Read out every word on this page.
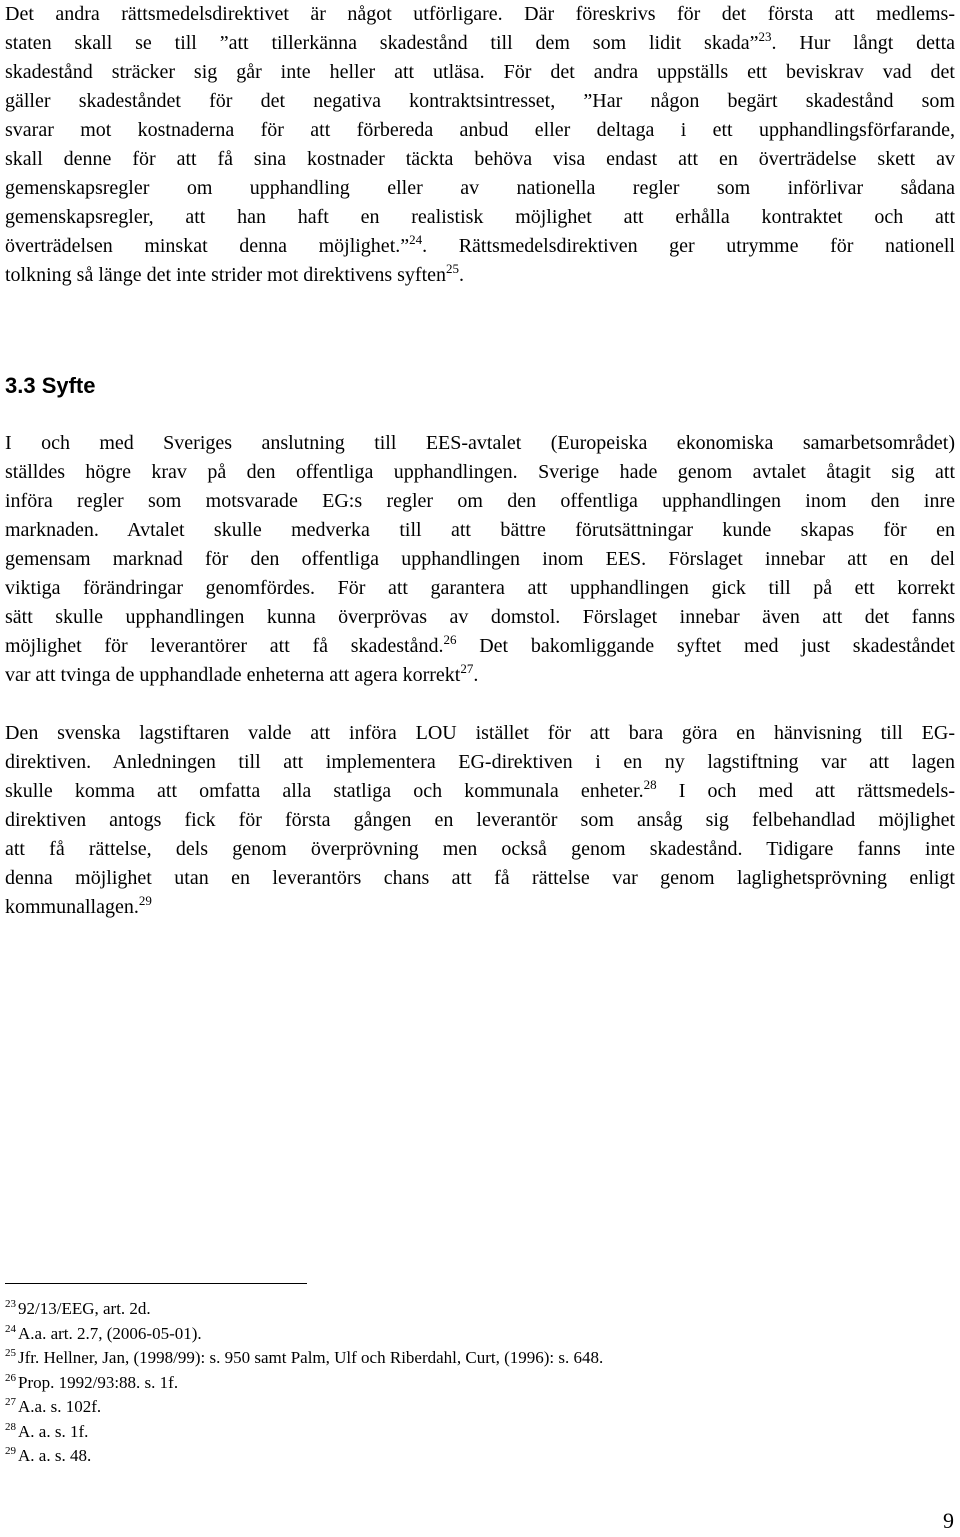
Det andra rättsmedelsdirektivet är något utförligare. Där föreskrivs för det första att medlems-
staten skall se till ”att tillerkänna skadestånd till dem som lidit skada”$^{23}$. Hur långt detta
skadestånd sträcker sig går inte heller att utläsa. För det andra uppställs ett beviskrav vad det
gäller skadeståndet för det negativa kontraktsintresset, ”Har någon begärt skadestånd som
svarar mot kostnaderna för att förbereda anbud eller deltaga i ett upphandlingsförfarande,
skall denne för att få sina kostnader täckta behöva visa endast att en överträdelse skett av
gemenskapsregler om upphandling eller av nationella regler som införlivar sådana
gemenskapsregler, att han haft en realistisk möjlighet att erhålla kontraktet och att
överträdelsen minskat denna möjlighet.”$^{24}$. Rättsmedelsdirektiven ger utrymme för nationell
tolkning så länge det inte strider mot direktivens syften$^{25}$.
3.3 Syfte
I och med Sveriges anslutning till EES-avtalet (Europeiska ekonomiska samarbetsområdet)
ställdes högre krav på den offentliga upphandlingen. Sverige hade genom avtalet åtagit sig att
införa regler som motsvarade EG:s regler om den offentliga upphandlingen inom den inre
marknaden. Avtalet skulle medverka till att bättre förutsättningar kunde skapas för en
gemensam marknad för den offentliga upphandlingen inom EES. Förslaget innebar att en del
viktiga förändringar genomfördes. För att garantera att upphandlingen gick till på ett korrekt
sätt skulle upphandlingen kunna överprövas av domstol. Förslaget innebar även att det fanns
möjlighet för leverantörer att få skadestånd.$^{26}$ Det bakomliggande syftet med just skadeståndet
var att tvinga de upphandlade enheterna att agera korrekt$^{27}$.
Den svenska lagstiftaren valde att införa LOU istället för att bara göra en hänvisning till EG-
direktiven. Anledningen till att implementera EG-direktiven i en ny lagstiftning var att lagen
skulle komma att omfatta alla statliga och kommunala enheter.$^{28}$ I och med att rättsmedels-
direktiven antogs fick för första gången en leverantör som ansåg sig felbehandlad möjlighet
att få rättelse, dels genom överprövning men också genom skadestånd. Tidigare fanns inte
denna möjlighet utan en leverantörs chans att få rättelse var genom laglighetsprövning enligt
kommunallagen.$^{29}$
$^{23}$ 92/13/EEG, art. 2d.
$^{24}$ A.a. art. 2.7, (2006-05-01).
$^{25}$ Jfr. Hellner, Jan, (1998/99): s. 950 samt Palm, Ulf och Riberdahl, Curt, (1996): s. 648.
$^{26}$ Prop. 1992/93:88. s. 1f.
$^{27}$ A.a. s. 102f.
$^{28}$ A. a. s. 1f.
$^{29}$ A. a. s. 48.
9
